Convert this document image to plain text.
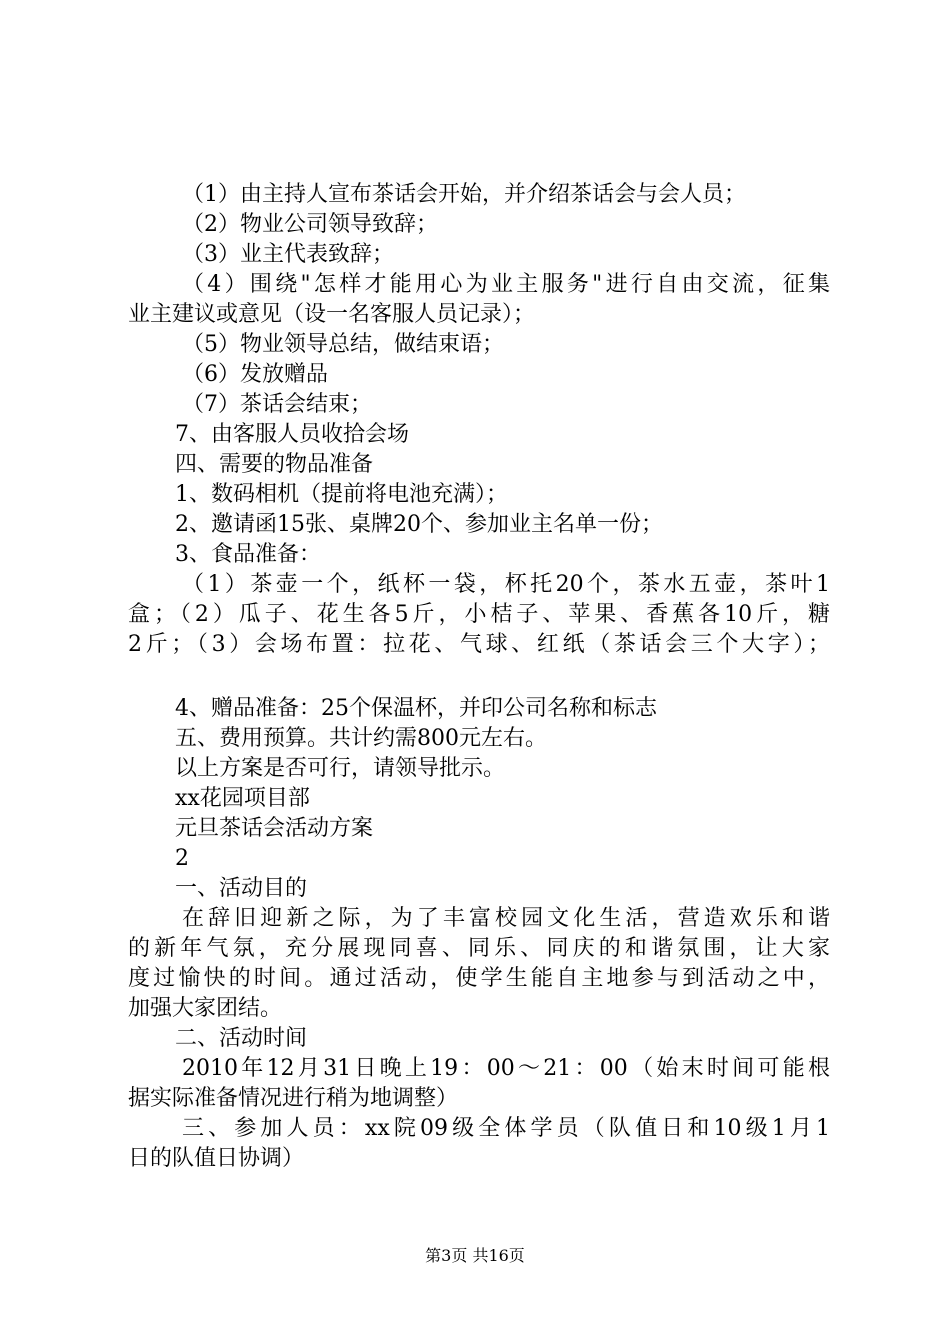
（1）由主持人宣布茶话会开始，并介绍茶话会与会人员；
（2）物业公司领导致辞；
（3）业主代表致辞；
（4）围绕"怎样才能用心为业主服务"进行自由交流，征集
业主建议或意见（设一名客服人员记录）；
（5）物业领导总结，做结束语；
（6）发放赠品
（7）茶话会结束；
7、由客服人员收拾会场
四、需要的物品准备
1、数码相机（提前将电池充满）；
2、邀请函15张、桌牌20个、参加业主名单一份；
3、食品准备：
（1）茶壶一个，纸杯一袋，杯托20个，茶水五壶，茶叶1
盒；（2）瓜子、花生各5斤，小桔子、苹果、香蕉各10斤，糖
2斤；（3）会场布置：拉花、气球、红纸（茶话会三个大字）；
4、赠品准备：25个保温杯，并印公司名称和标志
五、费用预算。共计约需800元左右。
以上方案是否可行，请领导批示。
xx花园项目部
元旦茶话会活动方案
2
一、活动目的
在辞旧迎新之际，为了丰富校园文化生活，营造欢乐和谐
的新年气氛，充分展现同喜、同乐、同庆的和谐氛围，让大家
度过愉快的时间。通过活动，使学生能自主地参与到活动之中，
加强大家团结。
二、活动时间
2010年12月31日晚上19：00～21：00（始末时间可能根
据实际准备情况进行稍为地调整）
三、参加人员：xx院09级全体学员（队值日和10级1月1
日的队值日协调）
第3页 共16页
